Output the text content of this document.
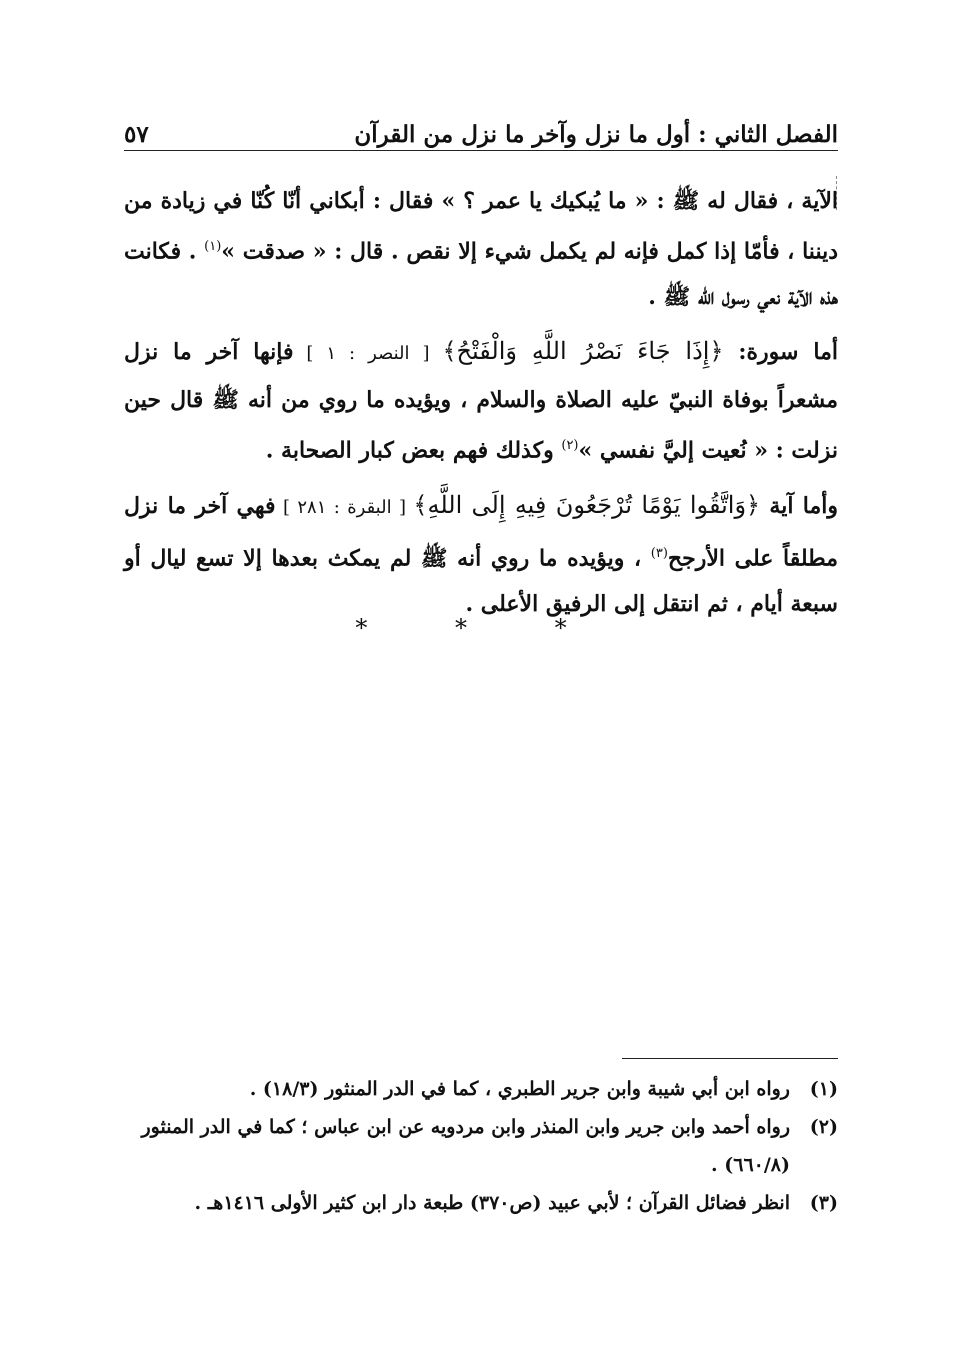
الفصل الثاني : أول ما نزل وآخر ما نزل من القرآن
٥٧
الآية ، فقال له ﷺ : « ما يُبكيك يا عمر ؟ » فقال : أبكاني أنّا كُنّا في زيادة من
ديننا ، فأمّا إذا كمل فإنه لم يكمل شيء إلا نقص . قال : « صدقت »$^{(١)}$ . فكانت
هذه الآية نعي رسول الله ﷺ .
أما سورة: ﴿إِذَا جَاءَ نَصْرُ اللَّهِ وَالْفَتْحُ﴾ [ النصر : ١ ] فإنها آخر ما نزل
مشعراً بوفاة النبيّ عليه الصلاة والسلام ، ويؤيده ما روي من أنه ﷺ قال حين
نزلت : « نُعيت إليَّ نفسي »$^{(٢)}$ وكذلك فهم بعض كبار الصحابة .
وأما آية ﴿وَاتَّقُوا يَوْمًا تُرْجَعُونَ فِيهِ إِلَى اللَّهِ﴾ [ البقرة : ٢٨١ ] فهي آخر ما نزل
مطلقاً على الأرجح$^{(٣)}$ ، ويؤيده ما روي أنه ﷺ لم يمكث بعدها إلا تسع ليال أو
سبعة أيام ، ثم انتقل إلى الرفيق الأعلى .
* * *
(١)
رواه ابن أبي شيبة وابن جرير الطبري ، كما في الدر المنثور (١٨/٣) .
(٢)
رواه أحمد وابن جرير وابن المنذر وابن مردويه عن ابن عباس ؛ كما في الدر المنثور (٦٦٠/٨) .
(٣)
انظر فضائل القرآن ؛ لأبي عبيد (ص٣٧٠) طبعة دار ابن كثير الأولى ١٤١٦هـ .
